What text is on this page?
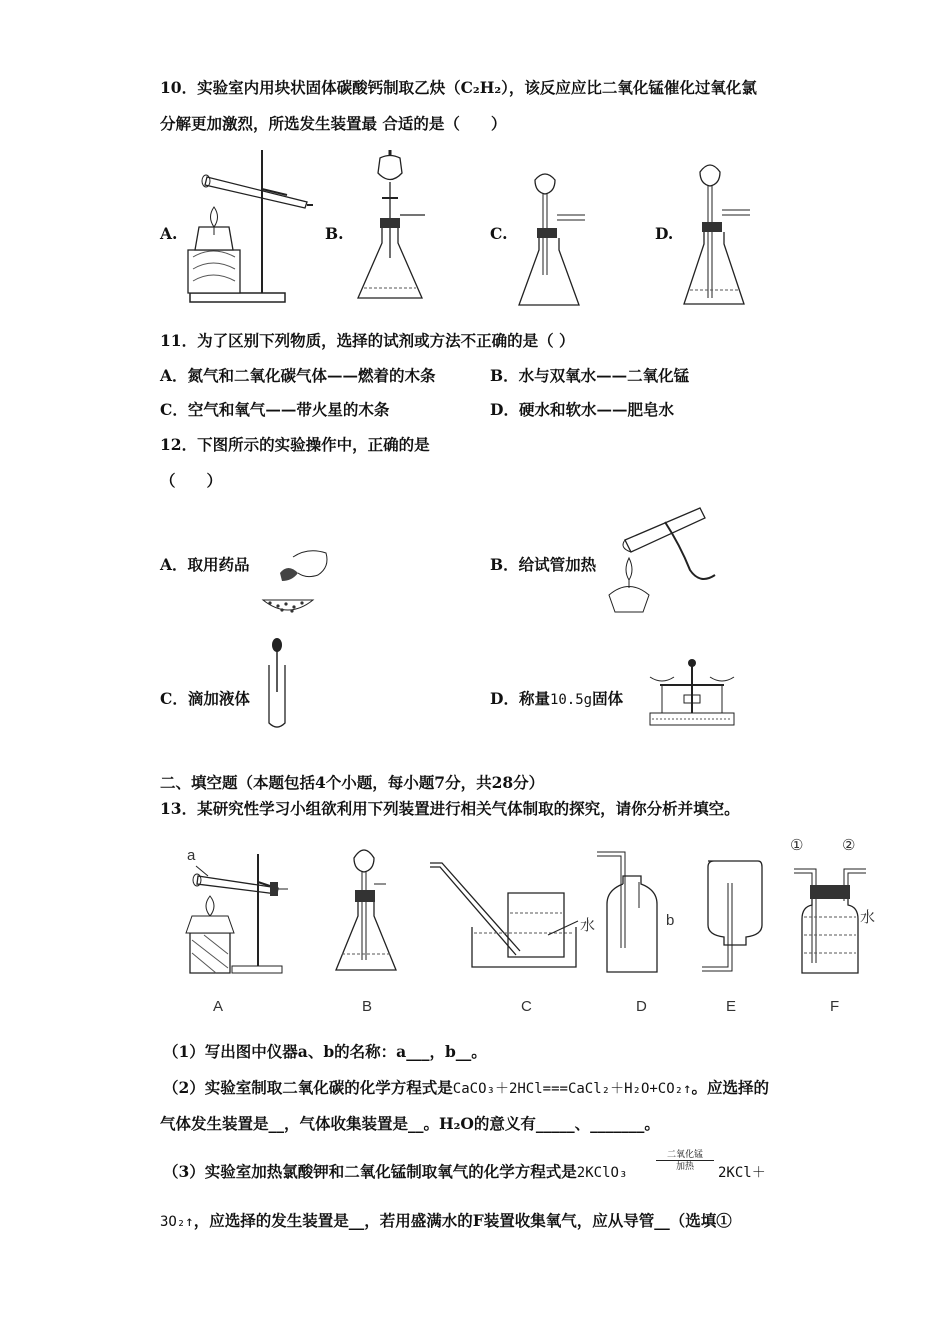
10．实验室内用块状固体碳酸钙制取乙炔（C₂H₂），该反应应比二氧化锰催化过氧化氯
分解更加激烈，所选发生装置最 合适的是（　　）
A.	B.	C.	D.
11．为了区别下列物质，选择的试剂或方法不正确的是（ ）
A．氮气和二氧化碳气体——燃着的木条	B．水与双氧水——二氧化锰
C．空气和氧气——带火星的木条	D．硬水和软水——肥皂水
12．下图所示的实验操作中，正确的是
（　　）
A．取用药品	B．给试管加热
C．滴加液体	D．称量10.5g固体
二、填空题（本题包括4个小题，每小题7分，共28分）
13．某研究性学习小组欲利用下列装置进行相关气体制取的探究，请你分析并填空。
a
A	B
水
C
b
D	E
①	②
水
F
（1）写出图中仪器a、b的名称：a___，b__。
（2）实验室制取二氧化碳的化学方程式是CaCO₃＋2HCl===CaCl₂＋H₂O+CO₂↑。应选择的
气体发生装置是__，气体收集装置是__。H₂O的意义有_____、_______。
（3）实验室加热氯酸钾和二氧化锰制取氧气的化学方程式是2KClO₃
二氧化锰
加热	2KCl＋
3O₂↑，应选择的发生装置是__，若用盛满水的F装置收集氧气，应从导管__（选填①
